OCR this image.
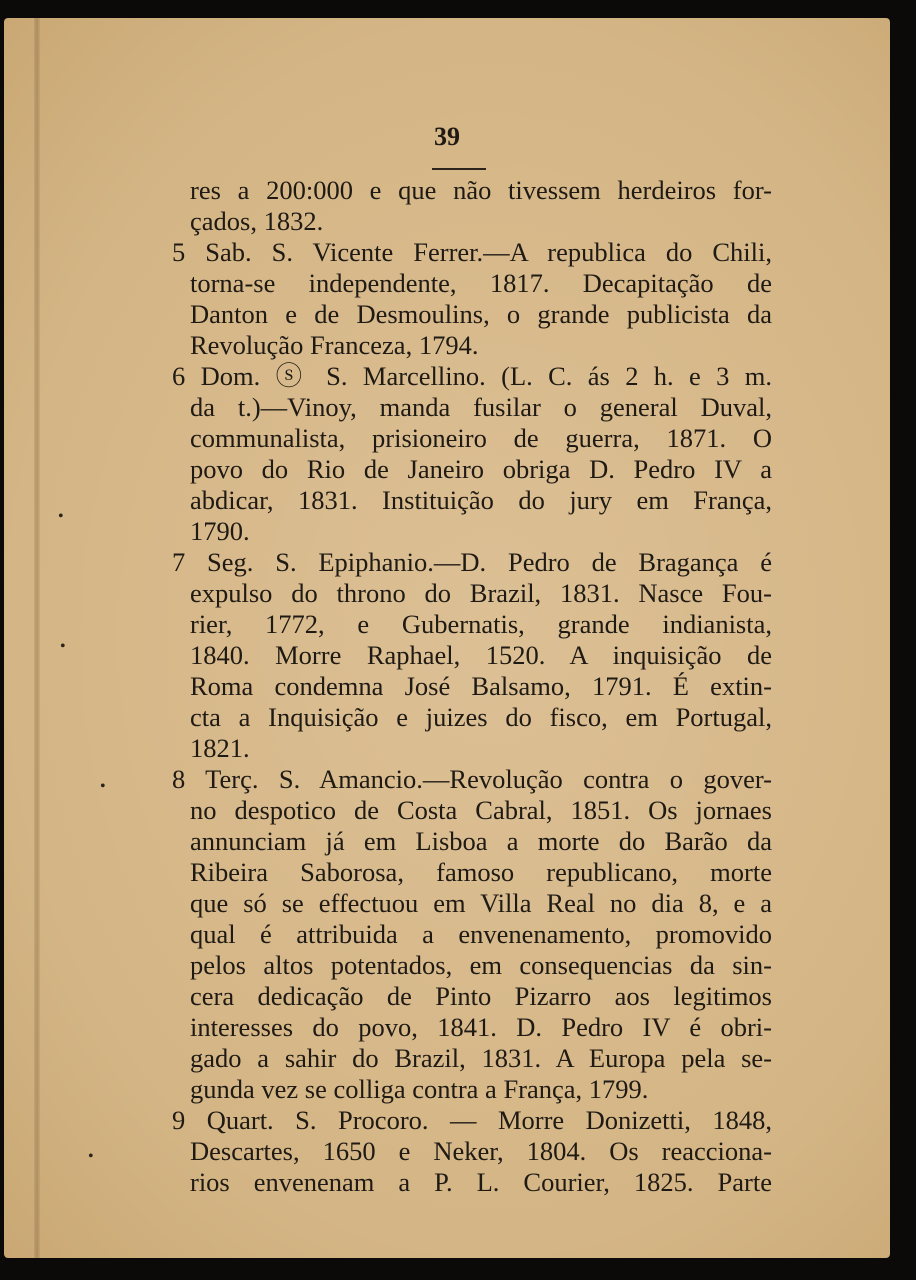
39
res a 200:000 e que não tivessem herdeiros for-
çados, 1832.
5 Sab. S. Vicente Ferrer.—A republica do Chili,
torna-se independente, 1817. Decapitação de
Danton e de Desmoulins, o grande publicista da
Revolução Franceza, 1794.
6 Dom. ⓢ S. Marcellino. (L. C. ás 2 h. e 3 m.
da t.)—Vinoy, manda fusilar o general Duval,
communalista, prisioneiro de guerra, 1871. O
povo do Rio de Janeiro obriga D. Pedro IV a
abdicar, 1831. Instituição do jury em França,
1790.
7 Seg. S. Epiphanio.—D. Pedro de Bragança é
expulso do throno do Brazil, 1831. Nasce Fou-
rier, 1772, e Gubernatis, grande indianista,
1840. Morre Raphael, 1520. A inquisição de
Roma condemna José Balsamo, 1791. É extin-
cta a Inquisição e juizes do fisco, em Portugal,
1821.
8 Terç. S. Amancio.—Revolução contra o gover-
no despotico de Costa Cabral, 1851. Os jornaes
annunciam já em Lisboa a morte do Barão da
Ribeira Saborosa, famoso republicano, morte
que só se effectuou em Villa Real no dia 8, e a
qual é attribuida a envenenamento, promovido
pelos altos potentados, em consequencias da sin-
cera dedicação de Pinto Pizarro aos legitimos
interesses do povo, 1841. D. Pedro IV é obri-
gado a sahir do Brazil, 1831. A Europa pela se-
gunda vez se colliga contra a França, 1799.
9 Quart. S. Procoro. — Morre Donizetti, 1848,
Descartes, 1650 e Neker, 1804. Os reacciona-
rios envenenam a P. L. Courier, 1825. Parte
•
•
•
•
